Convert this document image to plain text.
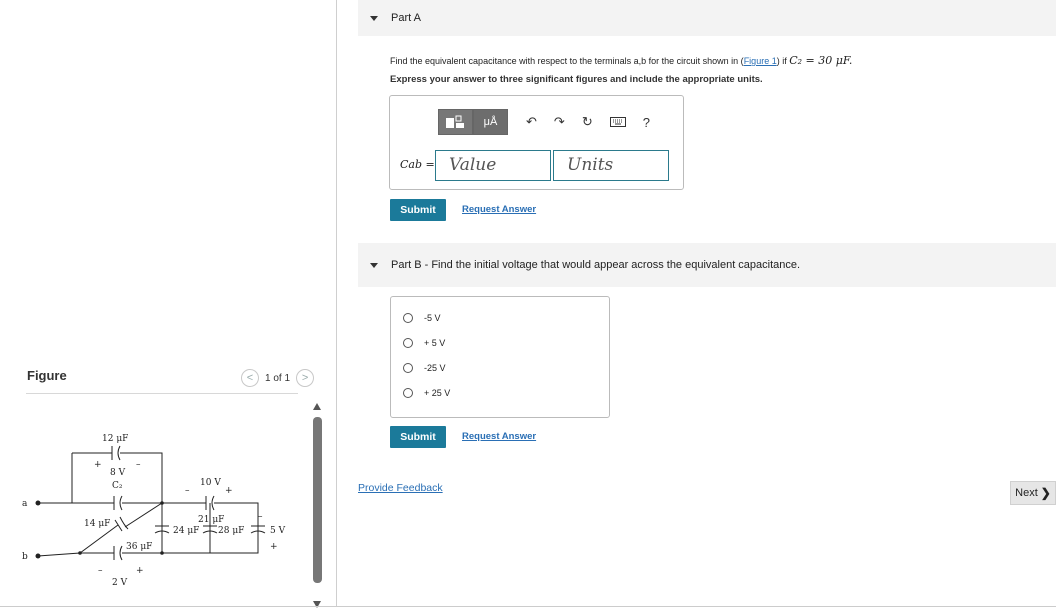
Figure	<	1 of 1	>
a
b
12 μF
+
8 V
–
C₂
14 μF
36 μF
–	+
2 V
10 V
–	+
21 μF
24 μF 28 μF
–
5 V
+
Part A
Find the equivalent capacitance with respect to the terminals a,b for the circuit shown in (Figure 1) if C₂ = 30 μF.
Express your answer to three significant figures and include the appropriate units.
μÅ	↶ ↷ ↻	?
Cab = Value	Units
Submit	Request Answer
Part B - Find the initial voltage that would appear across the equivalent capacitance.
-5 V
+ 5 V
-25 V
+ 25 V
Submit	Request Answer
Provide Feedback	Next ❯
